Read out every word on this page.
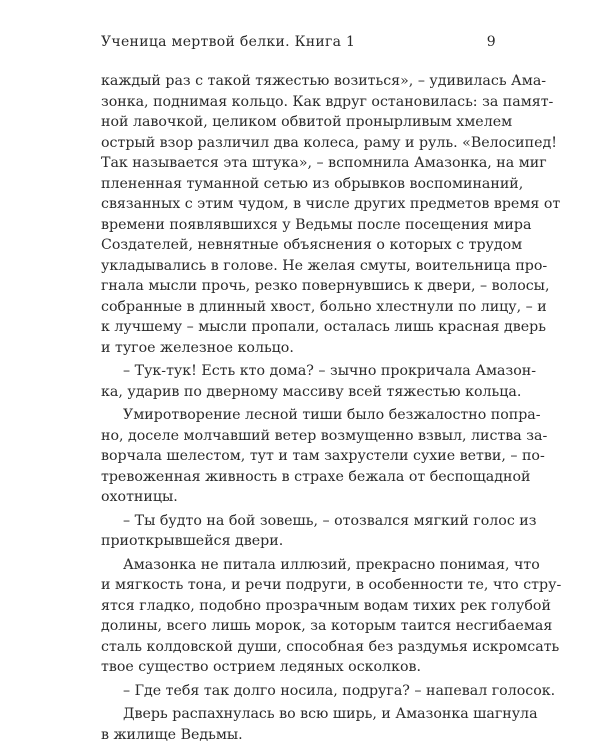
Ученица мертвой белки. Книга 1	9
каждый раз с такой тяжестью возиться», – удивилась Ама-
зонка, поднимая кольцо. Как вдруг остановилась: за памят-
ной лавочкой, целиком обвитой пронырливым хмелем
острый взор различил два колеса, раму и руль. «Велосипед!
Так называется эта штука», – вспомнила Амазонка, на миг
плененная туманной сетью из обрывков воспоминаний,
связанных с этим чудом, в числе других предметов время от
времени появлявшихся у Ведьмы после посещения мира
Создателей, невнятные объяснения о которых с трудом
укладывались в голове. Не желая смуты, воительница про-
гнала мысли прочь, резко повернувшись к двери, – волосы,
собранные в длинный хвост, больно хлестнули по лицу, – и
к лучшему – мысли пропали, осталась лишь красная дверь
и тугое железное кольцо.
– Тук-тук! Есть кто дома? – зычно прокричала Амазон-
ка, ударив по дверному массиву всей тяжестью кольца.
Умиротворение лесной тиши было безжалостно попра-
но, доселе молчавший ветер возмущенно взвыл, листва за-
ворчала шелестом, тут и там захрустели сухие ветви, – по-
тревоженная живность в страхе бежала от беспощадной
охотницы.
– Ты будто на бой зовешь, – отозвался мягкий голос из
приоткрывшейся двери.
Амазонка не питала иллюзий, прекрасно понимая, что
и мягкость тона, и речи подруги, в особенности те, что стру-
ятся гладко, подобно прозрачным водам тихих рек голубой
долины, всего лишь морок, за которым таится несгибаемая
сталь колдовской души, способная без раздумья искромсать
твое существо острием ледяных осколков.
– Где тебя так долго носила, подруга? – напевал голосок.
Дверь распахнулась во всю ширь, и Амазонка шагнула
в жилище Ведьмы.
